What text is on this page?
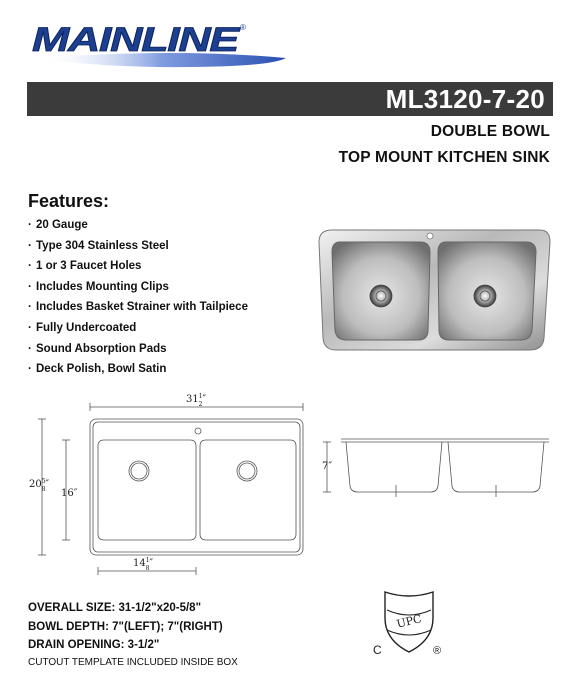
MAINLINE
®
ML3120-7-20
DOUBLE BOWL
TOP MOUNT KITCHEN SINK
Features:
· 20 Gauge
· Type 304 Stainless Steel
· 1 or 3 Faucet Holes
· Includes Mounting Clips
· Includes Basket Strainer with Tailpiece
· Fully Undercoated
· Sound Absorption Pads
· Deck Polish, Bowl Satin
$31^1$ 2″
$20^5$ 8″
16″
$14^1$ 8″
7″
OVERALL SIZE: 31-1/2"x20-5/8"
BOWL DEPTH: 7"(LEFT); 7"(RIGHT)
DRAIN OPENING: 3-1/2"
CUTOUT TEMPLATE INCLUDED INSIDE BOX
UPC
C	®
